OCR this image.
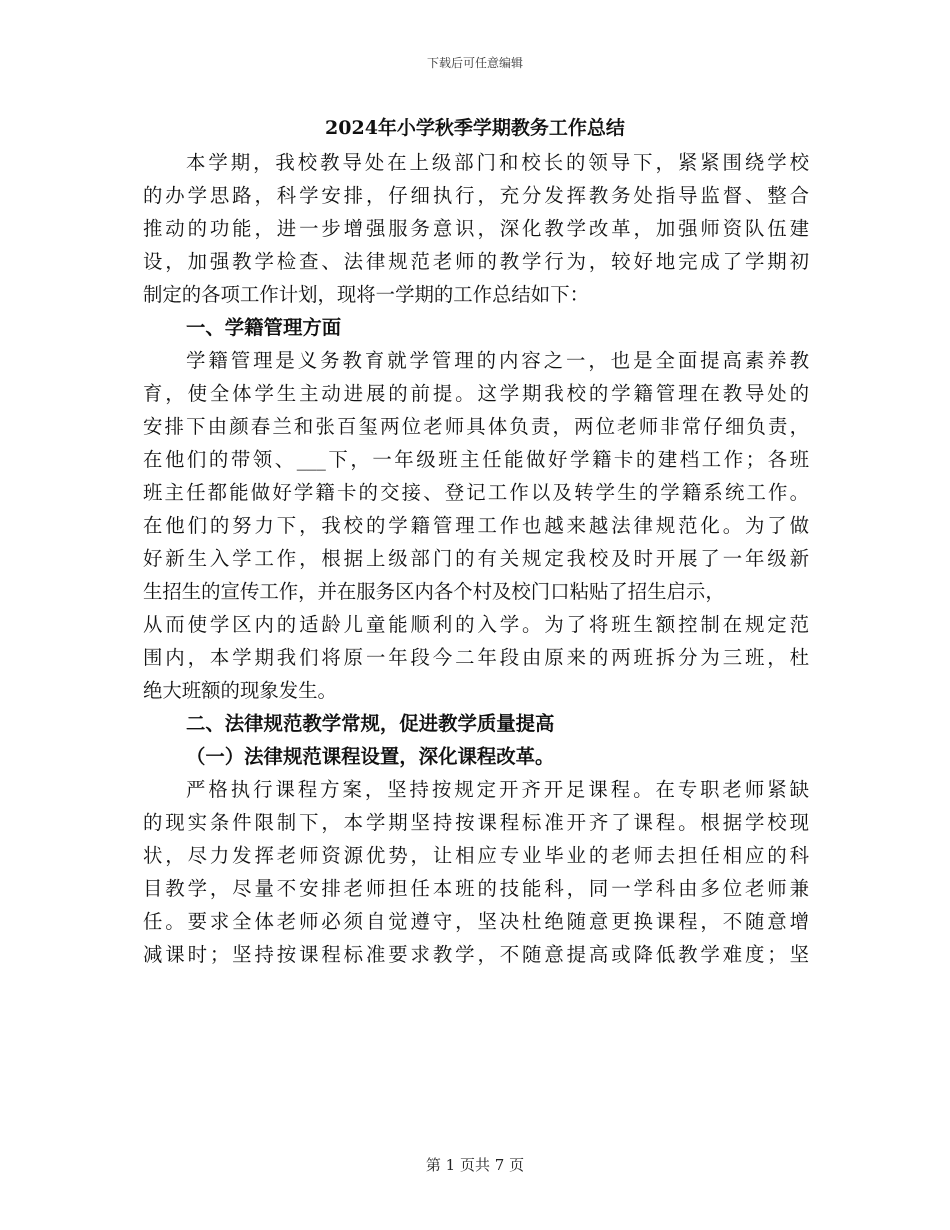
下载后可任意编辑
2024年小学秋季学期教务工作总结
本学期，我校教导处在上级部门和校长的领导下，紧紧围绕学校
的办学思路，科学安排，仔细执行，充分发挥教务处指导监督、整合
推动的功能，进一步增强服务意识，深化教学改革，加强师资队伍建
设，加强教学检查、法律规范老师的教学行为，较好地完成了学期初
制定的各项工作计划，现将一学期的工作总结如下：
一、学籍管理方面
学籍管理是义务教育就学管理的内容之一，也是全面提高素养教
育，使全体学生主动进展的前提。这学期我校的学籍管理在教导处的
安排下由颜春兰和张百玺两位老师具体负责，两位老师非常仔细负责，
在他们的带领、___下，一年级班主任能做好学籍卡的建档工作；各班
班主任都能做好学籍卡的交接、登记工作以及转学生的学籍系统工作。
在他们的努力下，我校的学籍管理工作也越来越法律规范化。为了做
好新生入学工作，根据上级部门的有关规定我校及时开展了一年级新
生招生的宣传工作，并在服务区内各个村及校门口粘贴了招生启示，
从而使学区内的适龄儿童能顺利的入学。为了将班生额控制在规定范
围内，本学期我们将原一年段今二年段由原来的两班拆分为三班，杜
绝大班额的现象发生。
二、法律规范教学常规，促进教学质量提高
（一）法律规范课程设置，深化课程改革。
严格执行课程方案，坚持按规定开齐开足课程。在专职老师紧缺
的现实条件限制下，本学期坚持按课程标准开齐了课程。根据学校现
状，尽力发挥老师资源优势，让相应专业毕业的老师去担任相应的科
目教学，尽量不安排老师担任本班的技能科，同一学科由多位老师兼
任。要求全体老师必须自觉遵守，坚决杜绝随意更换课程，不随意增
减课时；坚持按课程标准要求教学，不随意提高或降低教学难度；坚
第 1 页共 7 页
